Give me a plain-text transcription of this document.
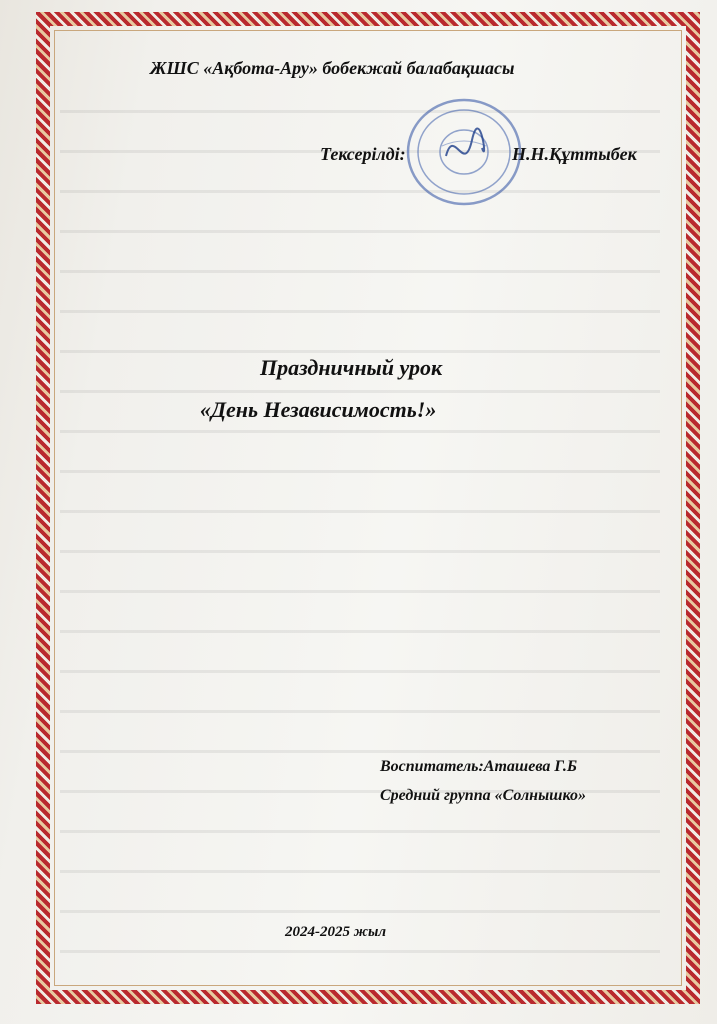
ЖШС «Ақбота-Ару» бобекжай балабақшасы
Тексерілді:	Н.Н.Құттыбек
Праздничный урок
«День Независимость!»
Воспитатель:Аташева Г.Б
Средний группа «Солнышко»
2024-2025 жыл
